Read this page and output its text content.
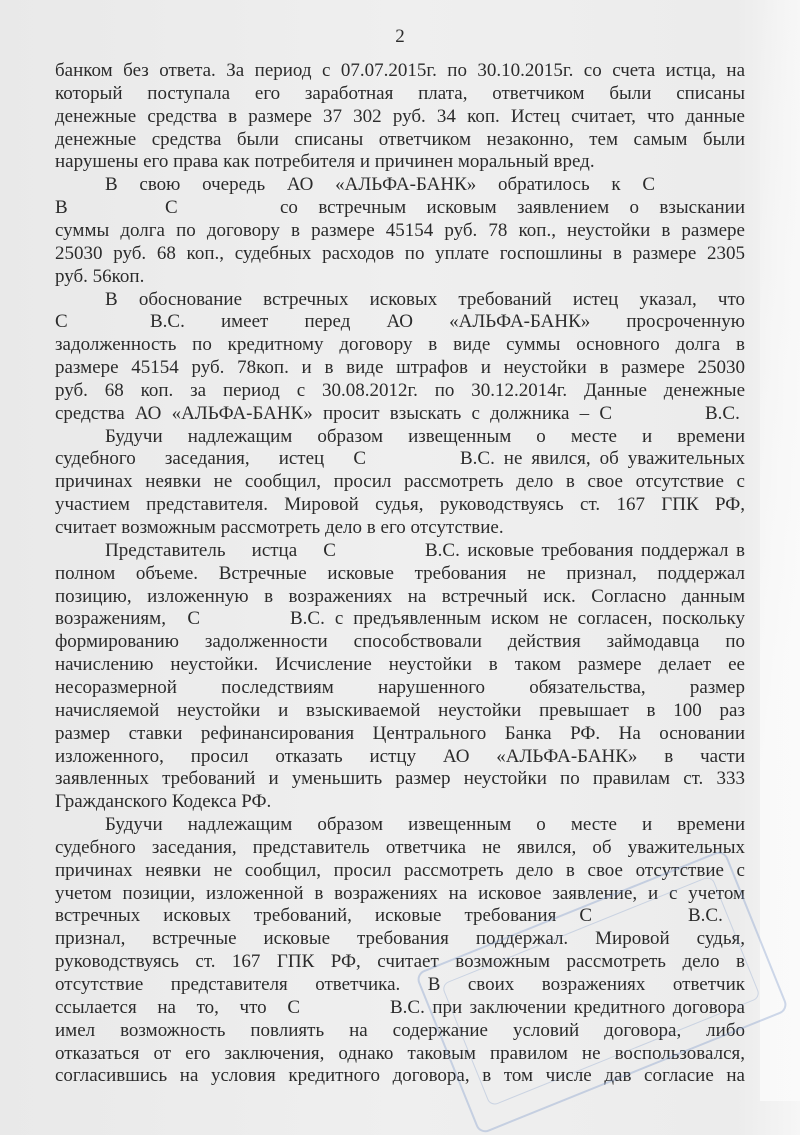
2
банком без ответа. За период с 07.07.2015г. по 30.10.2015г. со счета истца, на
который поступала его заработная плата, ответчиком были списаны
денежные средства в размере 37 302 руб. 34 коп. Истец считает, что данные
денежные средства были списаны ответчиком незаконно, тем самым были
нарушены его права как потребителя и причинен моральный вред.
В свою очередь АО «АЛЬФА-БАНК» обратилось к С
В	С	со встречным исковым заявлением о взыскании
суммы долга по договору в размере 45154 руб. 78 коп., неустойки в размере
25030 руб. 68 коп., судебных расходов по уплате госпошлины в размере 2305
руб. 56коп.
В обоснование встречных исковых требований истец указал, что
С	В.С. имеет перед АО «АЛЬФА-БАНК» просроченную
задолженность по кредитному договору в виде суммы основного долга в
размере 45154 руб. 78коп. и в виде штрафов и неустойки в размере 25030
руб. 68 коп. за период с 30.08.2012г. по 30.12.2014г. Данные денежные
средства АО «АЛЬФА-БАНК» просит взыскать с должника – С	В.С.
Будучи надлежащим образом извещенным о месте и времени
судебного заседания, истец С	В.С. не явился, об уважительных
причинах неявки не сообщил, просил рассмотреть дело в свое отсутствие с
участием представителя. Мировой судья, руководствуясь ст. 167 ГПК РФ,
считает возможным рассмотреть дело в его отсутствие.
Представитель истца С	В.С. исковые требования поддержал в
полном объеме. Встречные исковые требования не признал, поддержал
позицию, изложенную в возражениях на встречный иск. Согласно данным
возражениям, С	В.С. с предъявленным иском не согласен, поскольку
формированию задолженности способствовали действия займодавца по
начислению неустойки. Исчисление неустойки в таком размере делает ее
несоразмерной последствиям нарушенного обязательства, размер
начисляемой неустойки и взыскиваемой неустойки превышает в 100 раз
размер ставки рефинансирования Центрального Банка РФ. На основании
изложенного, просил отказать истцу АО «АЛЬФА-БАНК» в части
заявленных требований и уменьшить размер неустойки по правилам ст. 333
Гражданского Кодекса РФ.
Будучи надлежащим образом извещенным о месте и времени
судебного заседания, представитель ответчика не явился, об уважительных
причинах неявки не сообщил, просил рассмотреть дело в свое отсутствие с
учетом позиции, изложенной в возражениях на исковое заявление, и с учетом
встречных исковых требований, исковые требования С	В.С.
признал, встречные исковые требования поддержал. Мировой судья,
руководствуясь ст. 167 ГПК РФ, считает возможным рассмотреть дело в
отсутствие представителя ответчика. В своих возражениях ответчик
ссылается на то, что С	В.С. при заключении кредитного договора
имел возможность повлиять на содержание условий договора, либо
отказаться от его заключения, однако таковым правилом не воспользовался,
согласившись на условия кредитного договора, в том числе дав согласие на
